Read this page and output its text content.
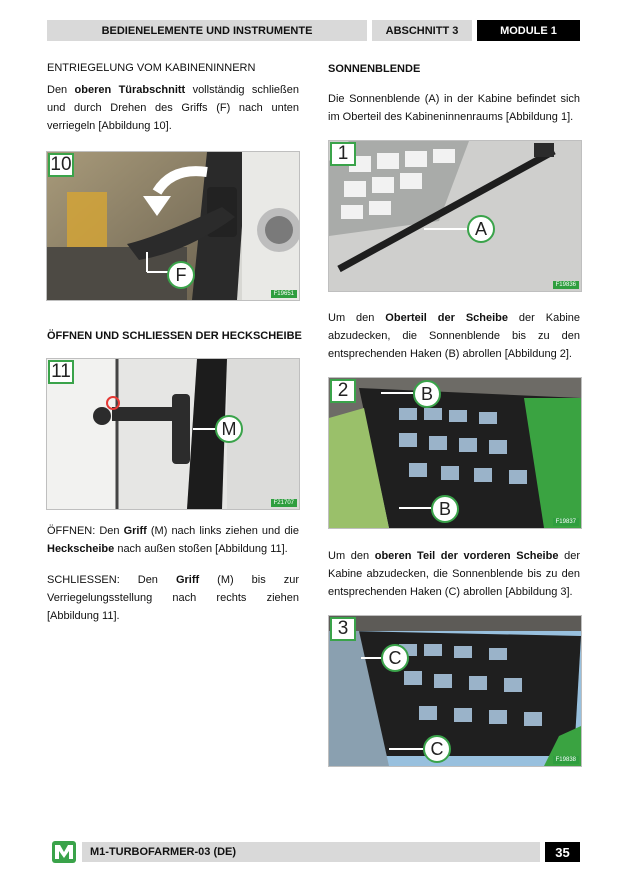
BEDIENELEMENTE UND INSTRUMENTE	ABSCHNITT 3	MODULE 1
ENTRIEGELUNG VOM KABINENINNERN
Den oberen Türabschnitt vollständig schließen und durch Drehen des Griffs (F) nach unten verriegeln [Abbildung 10].
10
F
F19651
ÖFFNEN UND SCHLIESSEN DER HECKSCHEIBE
11
M
F21707
ÖFFNEN: Den Griff (M) nach links ziehen und die Heckscheibe nach außen stoßen [Abbildung 11].
SCHLIESSEN: Den Griff (M) bis zur Verriegelungsstellung nach rechts ziehen [Abbildung 11].
SONNENBLENDE
Die Sonnenblende (A) in der Kabine befindet sich im Oberteil des Kabineninnenraums [Abbildung 1].
1
A
F19836
Um den Oberteil der Scheibe der Kabine abzudecken, die Sonnenblende bis zu den entsprechenden Haken (B) abrollen [Abbildung 2].
2	B
B
F19837
Um den oberen Teil der vorderen Scheibe der Kabine abzudecken, die Sonnenblende bis zu den entsprechenden Haken (C) abrollen [Abbildung 3].
3
C
C
F19838
M1-TURBOFARMER-03 (DE)	35
